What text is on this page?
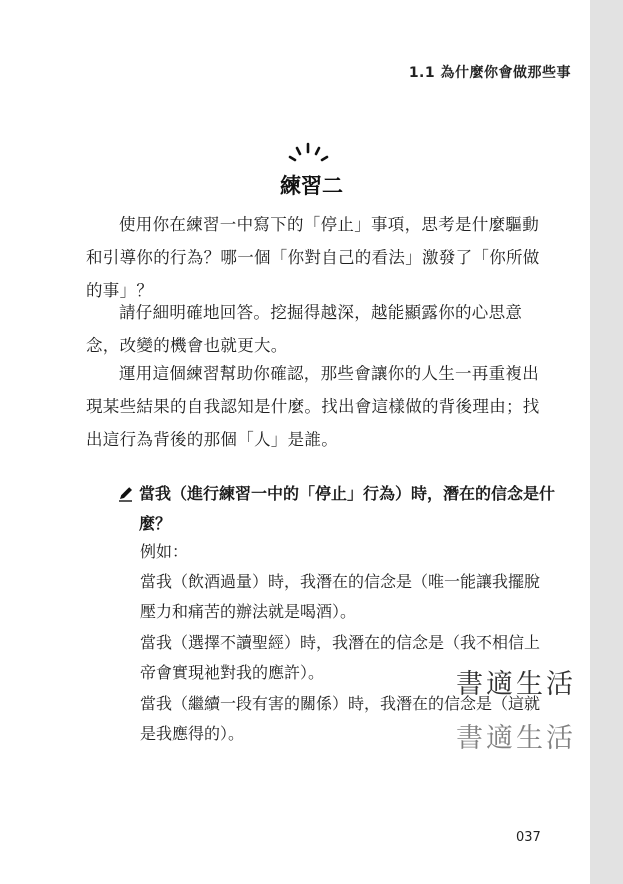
1.1 為什麼你會做那些事

練習二

使用你在練習一中寫下的「停止」事項，思考是什麼驅動和引導你的行為？哪一個「你對自己的看法」激發了「你所做的事」？

請仔細明確地回答。挖掘得越深，越能顯露你的心思意念，改變的機會也就更大。

運用這個練習幫助你確認，那些會讓你的人生一再重複出現某些結果的自我認知是什麼。找出會這樣做的背後理由；找出這行為背後的那個「人」是誰。

當我（進行練習一中的「停止」行為）時，潛在的信念是什麼？

例如：

當我（飲酒過量）時，我潛在的信念是（唯一能讓我擺脫壓力和痛苦的辦法就是喝酒）。

當我（選擇不讀聖經）時，我潛在的信念是（我不相信上帝會實現祂對我的應許）。

當我（繼續一段有害的關係）時，我潛在的信念是（這就是我應得的）。

書適生活

書適生活

037
